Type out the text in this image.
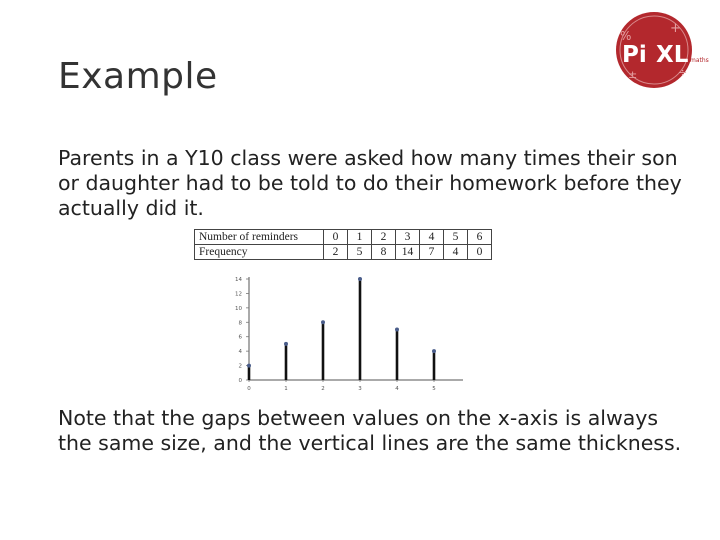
Example
%	+
÷
±
Pi XL maths
Parents in a Y10 class were asked how many times their son or daughter had to be told to do their homework before they actually did it.
Number of reminders	0	1	2	3	4	5	6
Frequency	2	5	8	14	7	4	0
0
2
4
6
8
10
12
14
0	1	2	3	4	5
Note that the gaps between values on the x-axis is always the same size, and the vertical lines are the same thickness.
